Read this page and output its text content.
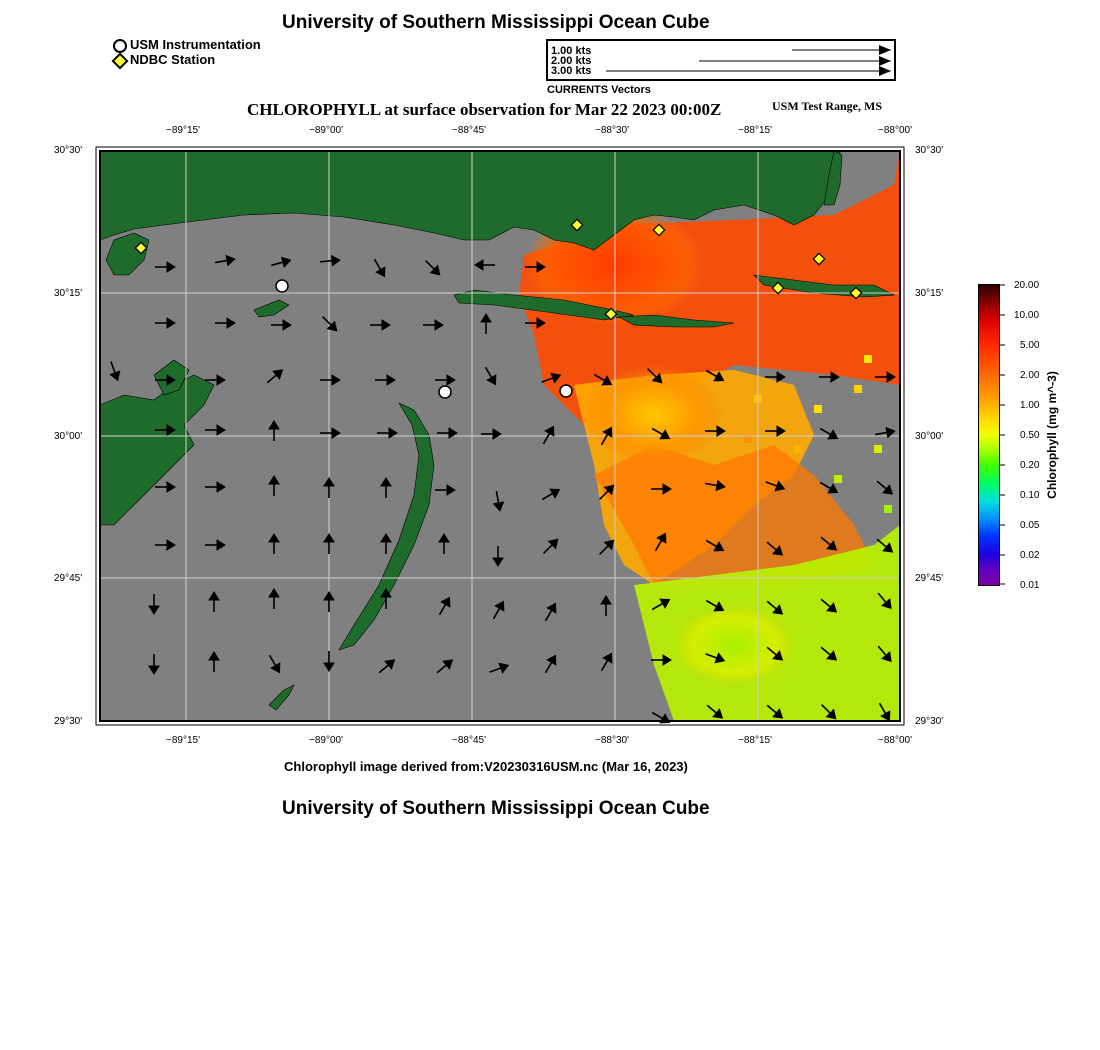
University of Southern Mississippi Ocean Cube
USM Instrumentation
NDBC Station
1.00 kts
2.00 kts
3.00 kts
CURRENTS Vectors
CHLOROPHYLL at surface observation for Mar 22 2023 00:00Z	USM Test Range, MS
−89°15'	−89°00'	−88°45'	−88°30'	−88°15'	−88°00'
−89°15'	−89°00'	−88°45'	−88°30'	−88°15'	−88°00'
30°30'
30°15'
30°00'
29°45'
29°30'
30°30'
30°15'
30°00'
29°45'
29°30'
20.00
10.00
5.00
2.00
1.00
0.50
0.20
0.10
0.05
0.02
0.01
Chlorophyll (mg m^-3)
Chlorophyll image derived from:V20230316USM.nc (Mar 16, 2023)
University of Southern Mississippi Ocean Cube
